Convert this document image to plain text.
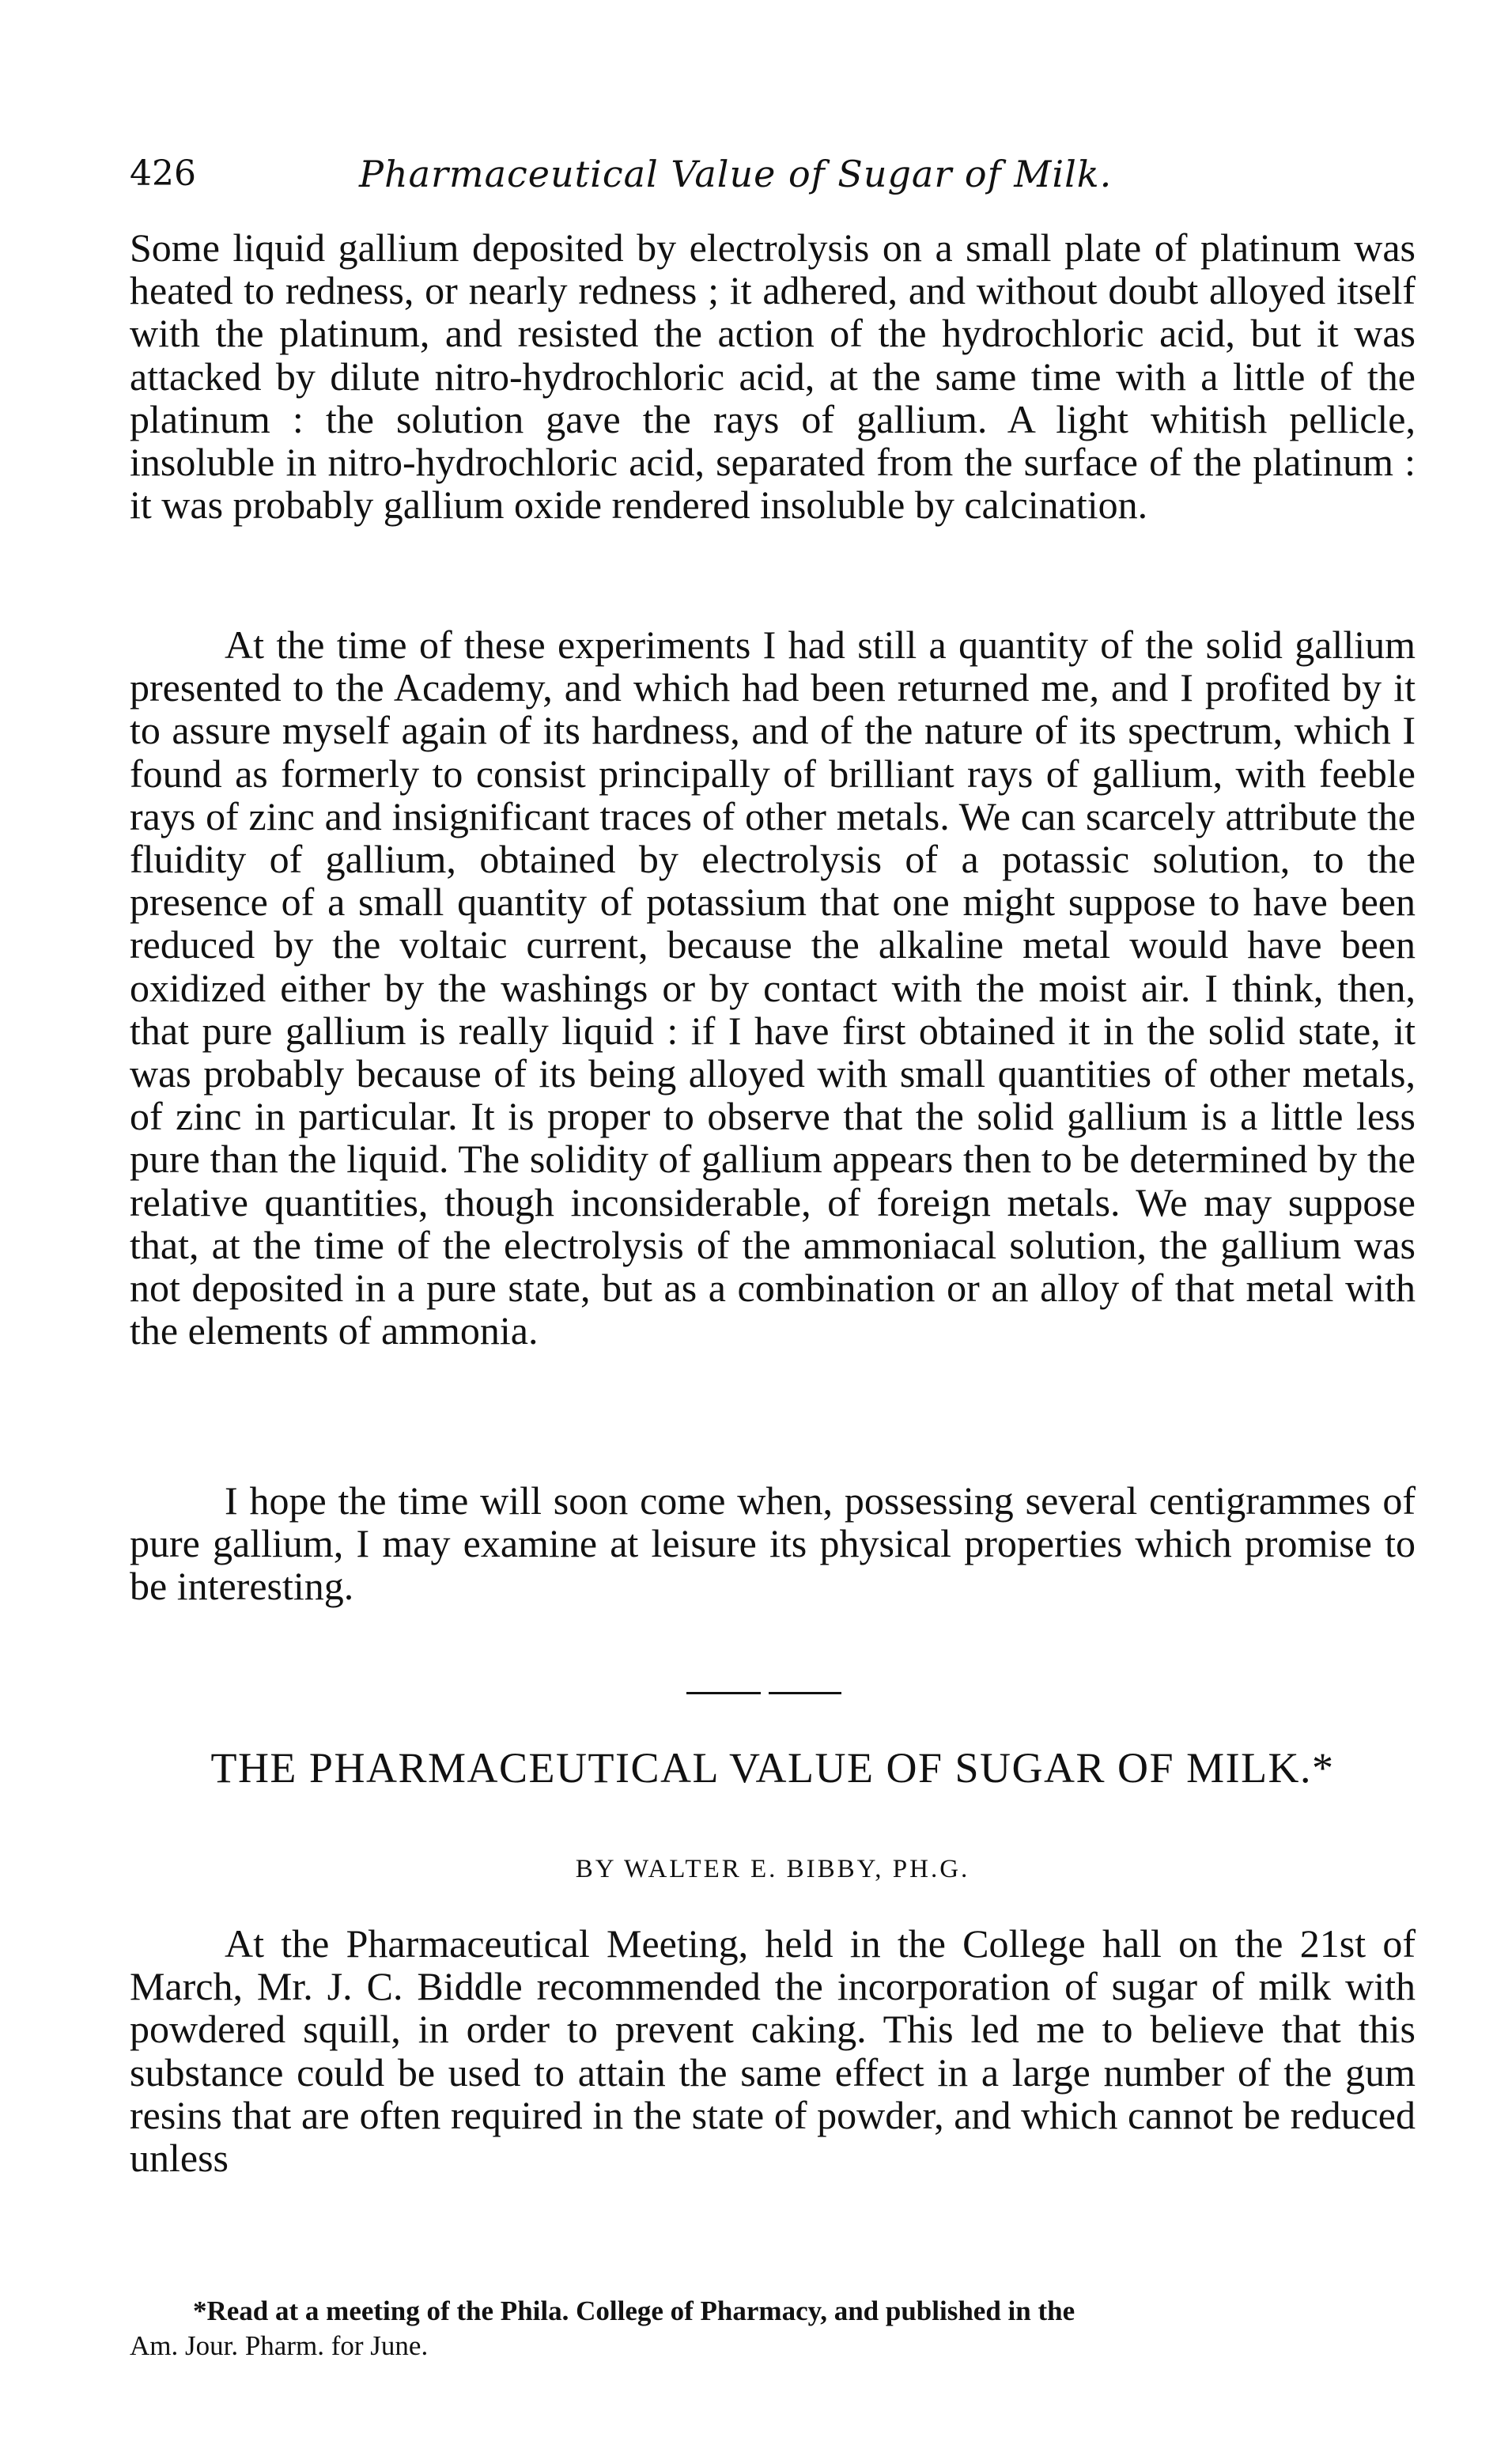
426	Pharmaceutical Value of Sugar of Milk.

Some liquid gallium deposited by electrolysis on a small plate of platinum was heated to redness, or nearly redness ; it adhered, and without doubt alloyed itself with the platinum, and resisted the action of the hydrochloric acid, but it was attacked by dilute nitro-hydrochloric acid, at the same time with a little of the platinum : the solution gave the rays of gallium. A light whitish pellicle, insoluble in nitro-hydrochloric acid, separated from the surface of the platinum : it was probably gallium oxide rendered insoluble by calcination.

At the time of these experiments I had still a quantity of the solid gallium presented to the Academy, and which had been returned me, and I profited by it to assure myself again of its hardness, and of the nature of its spectrum, which I found as formerly to consist principally of brilliant rays of gallium, with feeble rays of zinc and insignificant traces of other metals. We can scarcely attribute the fluidity of gallium, obtained by electrolysis of a potassic solution, to the presence of a small quantity of potassium that one might suppose to have been reduced by the voltaic current, because the alkaline metal would have been oxidized either by the washings or by contact with the moist air. I think, then, that pure gallium is really liquid : if I have first obtained it in the solid state, it was probably because of its being alloyed with small quantities of other metals, of zinc in particular. It is proper to observe that the solid gallium is a little less pure than the liquid. The solidity of gallium appears then to be determined by the relative quantities, though inconsiderable, of foreign metals. We may suppose that, at the time of the electrolysis of the ammoniacal solution, the gallium was not deposited in a pure state, but as a combination or an alloy of that metal with the elements of ammonia.

I hope the time will soon come when, possessing several centigrammes of pure gallium, I may examine at leisure its physical properties which promise to be interesting.

THE PHARMACEUTICAL VALUE OF SUGAR OF MILK.*
BY WALTER E. BIBBY, PH.G.

At the Pharmaceutical Meeting, held in the College hall on the 21st of March, Mr. J. C. Biddle recommended the incorporation of sugar of milk with powdered squill, in order to prevent caking. This led me to believe that this substance could be used to attain the same effect in a large number of the gum resins that are often required in the state of powder, and which cannot be reduced unless

*Read at a meeting of the Phila. College of Pharmacy, and published in the
Am. Jour. Pharm. for June.
